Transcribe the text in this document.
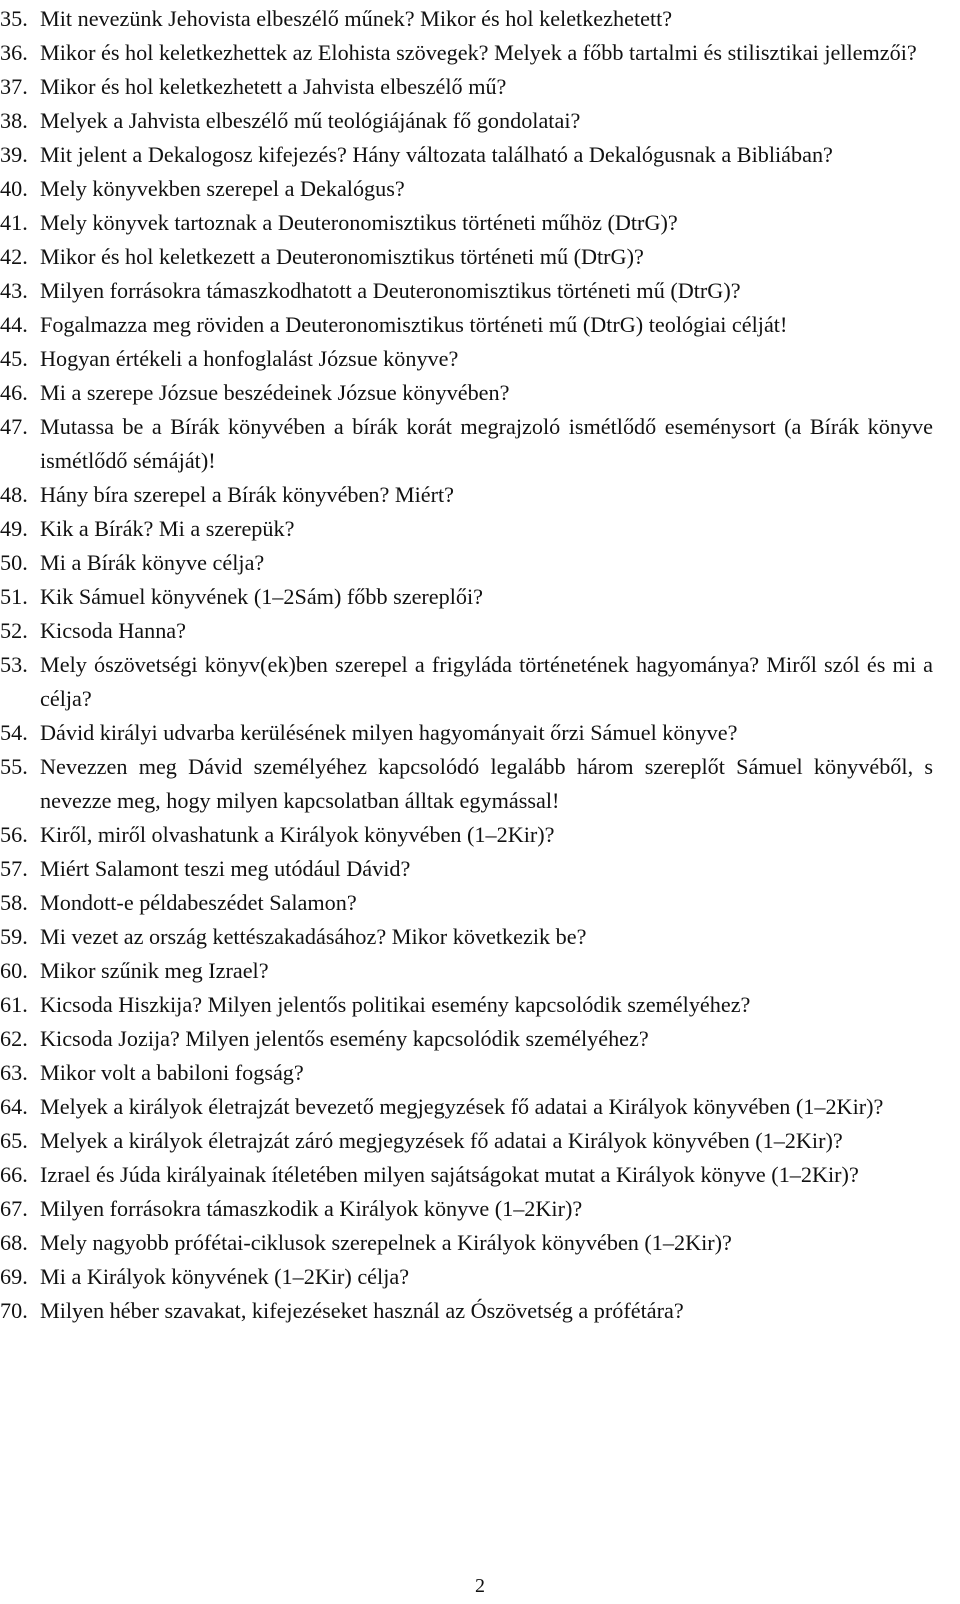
35. Mit nevezünk Jehovista elbeszélő műnek? Mikor és hol keletkezhetett?
36. Mikor és hol keletkezhettek az Elohista szövegek? Melyek a főbb tartalmi és stilisztikai jellemzői?
37. Mikor és hol keletkezhetett a Jahvista elbeszélő mű?
38. Melyek a Jahvista elbeszélő mű teológiájának fő gondolatai?
39. Mit jelent a Dekalogosz kifejezés? Hány változata található a Dekalógusnak a Bibliában?
40. Mely könyvekben szerepel a Dekalógus?
41. Mely könyvek tartoznak a Deuteronomisztikus történeti műhöz (DtrG)?
42. Mikor és hol keletkezett a Deuteronomisztikus történeti mű (DtrG)?
43. Milyen forrásokra támaszkodhatott a Deuteronomisztikus történeti mű (DtrG)?
44. Fogalmazza meg röviden a Deuteronomisztikus történeti mű (DtrG) teológiai célját!
45. Hogyan értékeli a honfoglalást Józsue könyve?
46. Mi a szerepe Józsue beszédeinek Józsue könyvében?
47. Mutassa be a Bírák könyvében a bírák korát megrajzoló ismétlődő eseménysort (a Bírák könyve ismétlődő sémáját)!
48. Hány bíra szerepel a Bírák könyvében? Miért?
49. Kik a Bírák? Mi a szerepük?
50. Mi a Bírák könyve célja?
51. Kik Sámuel könyvének (1–2Sám) főbb szereplői?
52. Kicsoda Hanna?
53. Mely ószövetségi könyv(ek)ben szerepel a frigyláda történetének hagyománya? Miről szól és mi a célja?
54. Dávid királyi udvarba kerülésének milyen hagyományait őrzi Sámuel könyve?
55. Nevezzen meg Dávid személyéhez kapcsolódó legalább három szereplőt Sámuel könyvéből, s nevezze meg, hogy milyen kapcsolatban álltak egymással!
56. Kiről, miről olvashatunk a Királyok könyvében (1–2Kir)?
57. Miért Salamont teszi meg utódául Dávid?
58. Mondott-e példabeszédet Salamon?
59. Mi vezet az ország kettészakadásához? Mikor következik be?
60. Mikor szűnik meg Izrael?
61. Kicsoda Hiszkija? Milyen jelentős politikai esemény kapcsolódik személyéhez?
62. Kicsoda Jozija? Milyen jelentős esemény kapcsolódik személyéhez?
63. Mikor volt a babiloni fogság?
64. Melyek a királyok életrajzát bevezető megjegyzések fő adatai a Királyok könyvében (1–2Kir)?
65. Melyek a királyok életrajzát záró megjegyzések fő adatai a Királyok könyvében (1–2Kir)?
66. Izrael és Júda királyainak ítéletében milyen sajátságokat mutat a Királyok könyve (1–2Kir)?
67. Milyen forrásokra támaszkodik a Királyok könyve (1–2Kir)?
68. Mely nagyobb prófétai-ciklusok szerepelnek a Királyok könyvében (1–2Kir)?
69. Mi a Királyok könyvének (1–2Kir) célja?
70. Milyen héber szavakat, kifejezéseket használ az Ószövetség a prófétára?
2
